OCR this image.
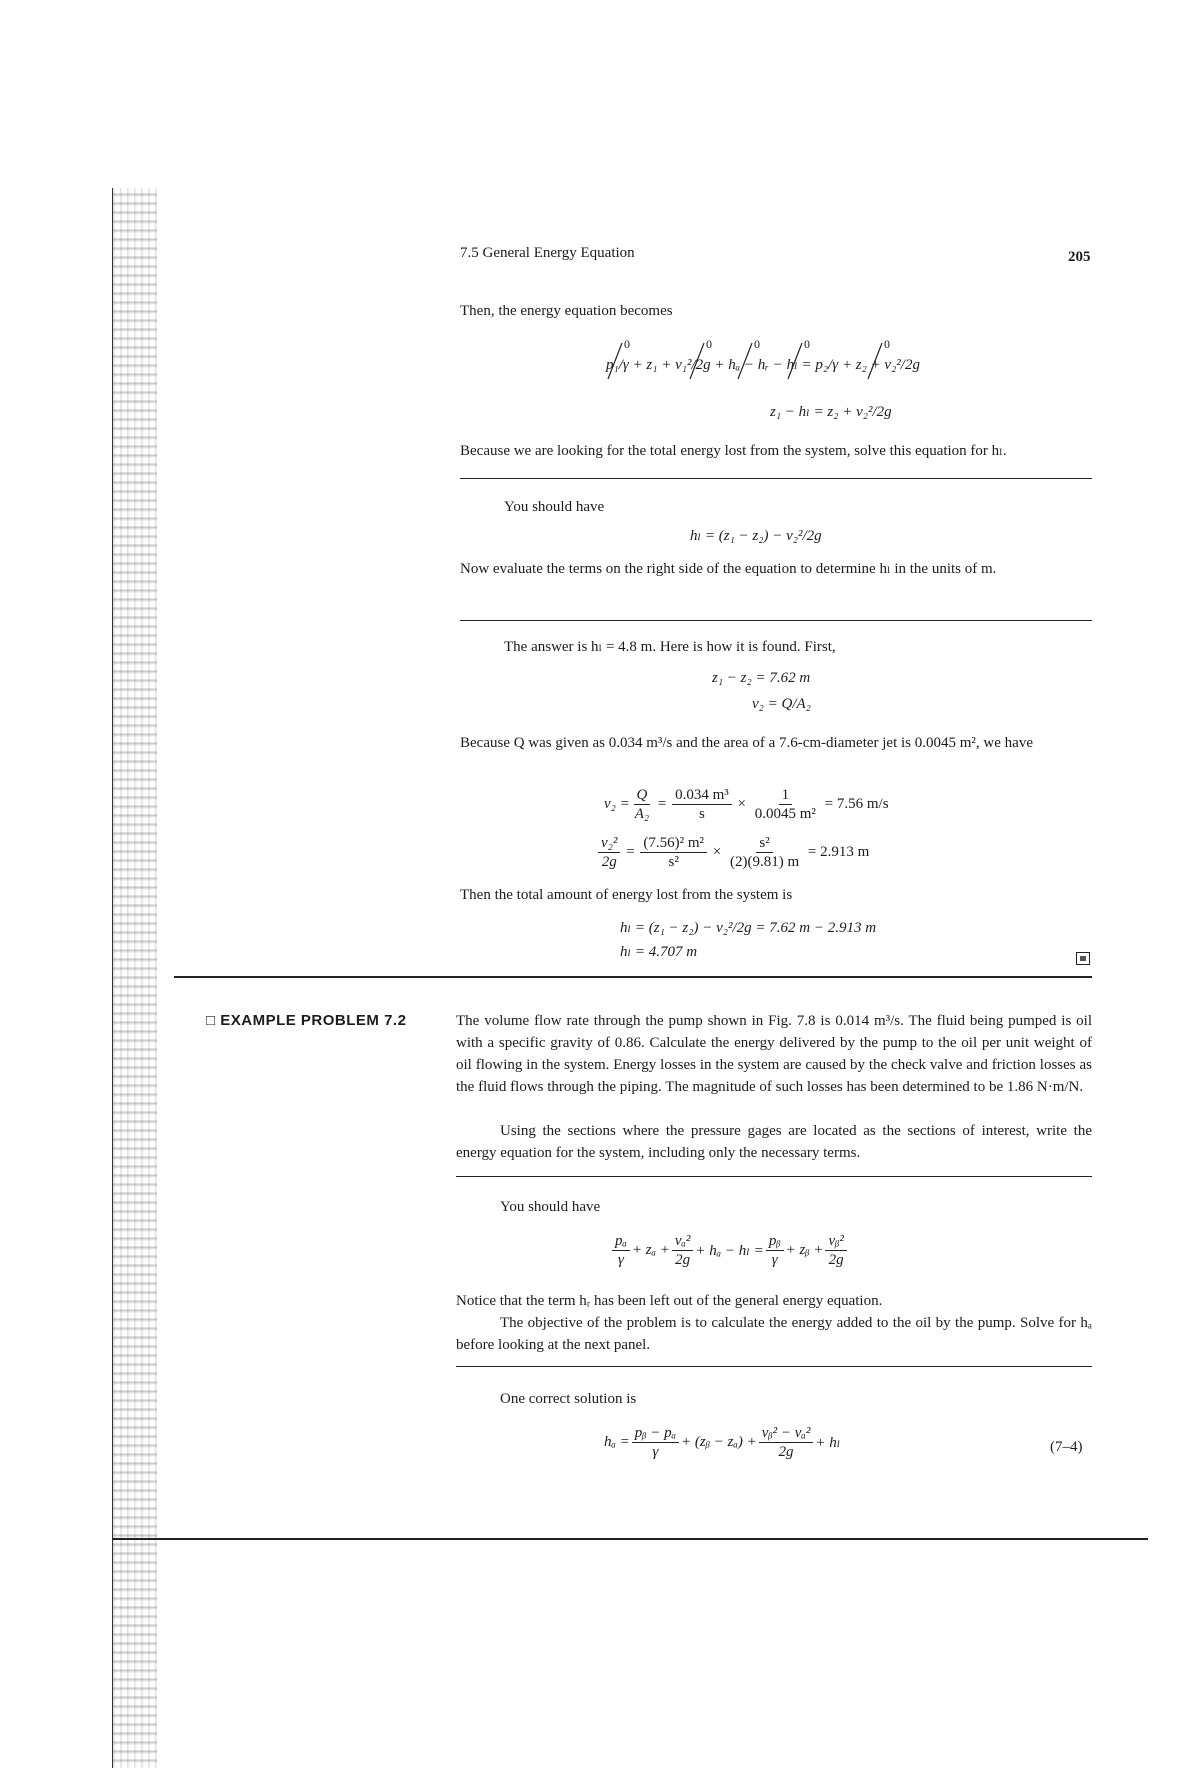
7.5 General Energy Equation	205
Then, the energy equation becomes
p₁/γ + z₁ + v₁²/2g + hₐ − hᵣ − hₗ = p₂/γ + z₂ + v₂²/2g
0	0	0	0	0
z₁ − hₗ = z₂ + v₂²/2g
Because we are looking for the total energy lost from the system, solve this equation for hₗ.
You should have
hₗ = (z₁ − z₂) − v₂²/2g
Now evaluate the terms on the right side of the equation to determine hₗ in the units of m.
The answer is hₗ = 4.8 m. Here is how it is found. First,
z₁ − z₂ = 7.62 m
v₂ = Q/A₂
Because Q was given as 0.034 m³/s and the area of a 7.6-cm-diameter jet is 0.0045 m², we have
$v_2 = \frac{Q}{\text{A₂}} = \frac{\text{0.034 m³}}{s} \times \frac{1}{\text{0.0045 m²}}$
= 7.56 m/s
$\frac{\text{v₂²}}{2g} = \frac{\text{(7.56)² m²}}{\text{s²}} \times \frac{\text{s²}}{(2)(9.81) m}$
= 2.913 m
Then the total amount of energy lost from the system is
hₗ = (z₁ − z₂) − v₂²/2g = 7.62 m − 2.913 m
hₗ = 4.707 m
□ EXAMPLE PROBLEM 7.2	The volume flow rate through the pump shown in Fig. 7.8 is 0.014 m³/s. The fluid being pumped is oil with a specific gravity of 0.86. Calculate the energy delivered by the pump to the oil per unit weight of oil flowing in the system. Energy losses in the system are caused by the check valve and friction losses as the fluid flows through the piping. The magnitude of such losses has been determined to be 1.86 N·m/N.
Using the sections where the pressure gages are located as the sections of interest, write the energy equation for the system, including only the necessary terms.
You should have
$\frac{\text{pₐ}}{\gamma} + z_a + \frac{\text{vₐ²}}{2g} + h_a - h_l = \frac{\text{pᵦ}}{\gamma}$ + zᵦ + $\frac{\text{vᵦ²}}{2g}$
Notice that the term hᵣ has been left out of the general energy equation.
The objective of the problem is to calculate the energy added to the oil by the pump. Solve for hₐ before looking at the next panel.
One correct solution is
$h_a = \frac{\text{pᵦ − pₐ}}{\gamma}$ + (zᵦ − $z_a) + \frac{\text{vᵦ² − vₐ²}}{2g} + h_l$	(7–4)
